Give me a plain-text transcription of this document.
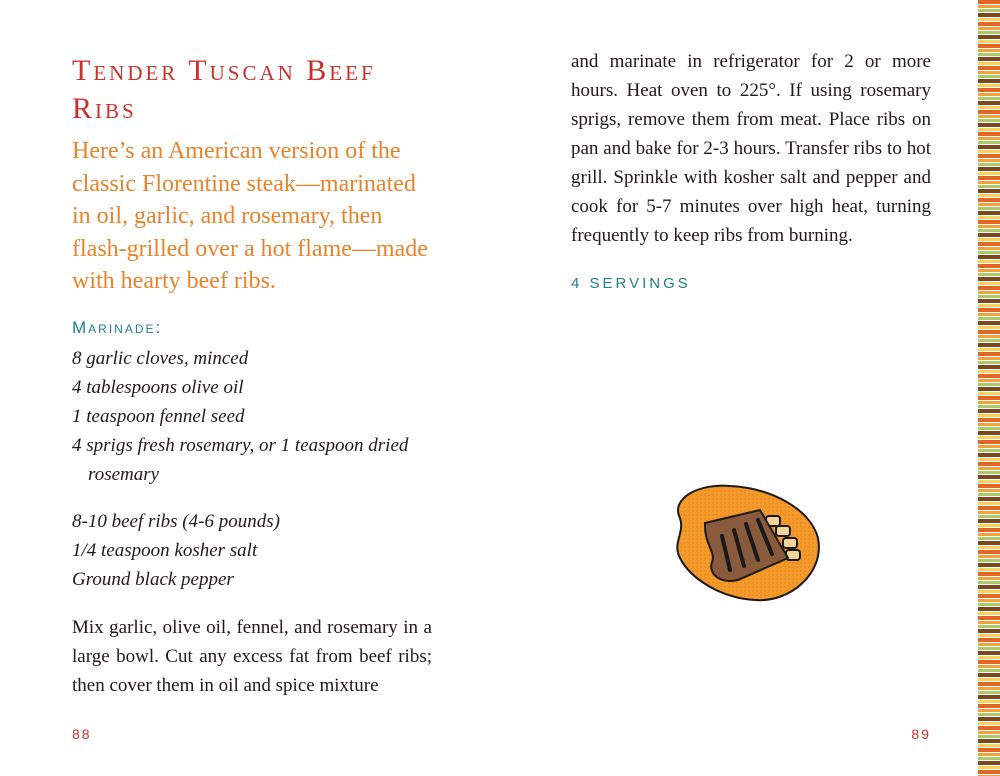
Tender Tuscan Beef Ribs

Here’s an American version of the classic Florentine steak—marinated in oil, garlic, and rosemary, then flash-grilled over a hot flame—made with hearty beef ribs.

Marinade:

8 garlic cloves, minced
4 tablespoons olive oil
1 teaspoon fennel seed
4 sprigs fresh rosemary, or 1 teaspoon dried rosemary
8-10 beef ribs (4-6 pounds)
1/4 teaspoon kosher salt
Ground black pepper

Mix garlic, olive oil, fennel, and rosemary in a large bowl. Cut any excess fat from beef ribs; then cover them in oil and spice mixture

88

and marinate in refrigerator for 2 or more hours. Heat oven to 225°. If using rosemary sprigs, remove them from meat. Place ribs on pan and bake for 2-3 hours. Transfer ribs to hot grill. Sprinkle with kosher salt and pepper and cook for 5-7 minutes over high heat, turning frequently to keep ribs from burning.

4 SERVINGS

89
